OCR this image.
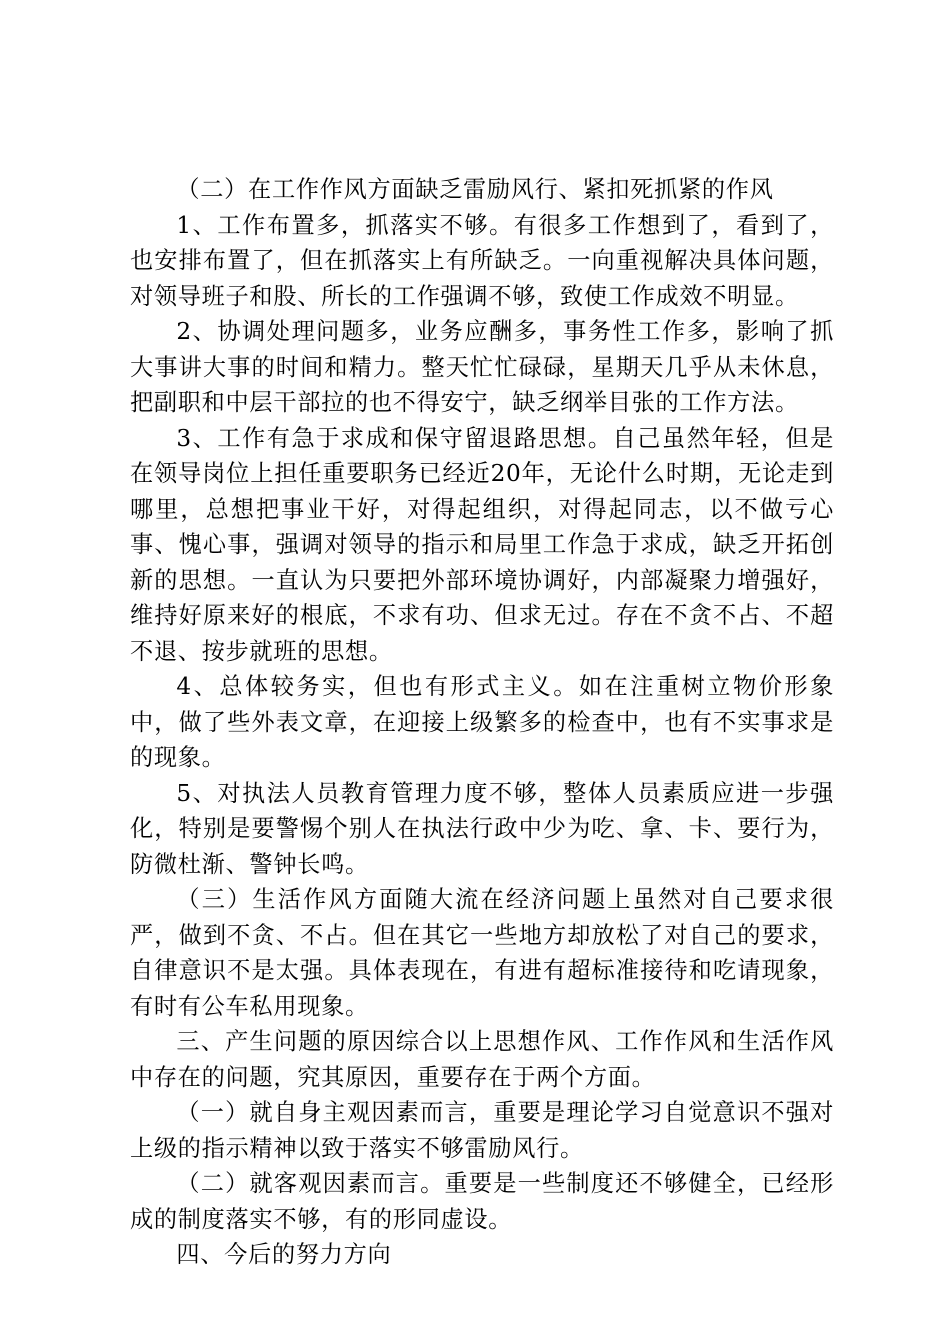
（二）在工作作风方面缺乏雷励风行、紧扣死抓紧的作风

1、工作布置多，抓落实不够。有很多工作想到了，看到了，也安排布置了，但在抓落实上有所缺乏。一向重视解决具体问题，对领导班子和股、所长的工作强调不够，致使工作成效不明显。

2、协调处理问题多，业务应酬多，事务性工作多，影响了抓大事讲大事的时间和精力。整天忙忙碌碌，星期天几乎从未休息，把副职和中层干部拉的也不得安宁，缺乏纲举目张的工作方法。

3、工作有急于求成和保守留退路思想。自己虽然年轻，但是在领导岗位上担任重要职务已经近20年，无论什么时期，无论走到哪里，总想把事业干好，对得起组织，对得起同志，以不做亏心事、愧心事，强调对领导的指示和局里工作急于求成，缺乏开拓创新的思想。一直认为只要把外部环境协调好，内部凝聚力增强好，维持好原来好的根底，不求有功、但求无过。存在不贪不占、不超不退、按步就班的思想。

4、总体较务实，但也有形式主义。如在注重树立物价形象中，做了些外表文章，在迎接上级繁多的检查中，也有不实事求是的现象。

5、对执法人员教育管理力度不够，整体人员素质应进一步强化，特别是要警惕个别人在执法行政中少为吃、拿、卡、要行为，防微杜渐、警钟长鸣。

（三）生活作风方面随大流在经济问题上虽然对自己要求很严，做到不贪、不占。但在其它一些地方却放松了对自己的要求，自律意识不是太强。具体表现在，有进有超标准接待和吃请现象，有时有公车私用现象。

三、产生问题的原因综合以上思想作风、工作作风和生活作风中存在的问题，究其原因，重要存在于两个方面。

（一）就自身主观因素而言，重要是理论学习自觉意识不强对上级的指示精神以致于落实不够雷励风行。

（二）就客观因素而言。重要是一些制度还不够健全，已经形成的制度落实不够，有的形同虚设。

四、今后的努力方向
